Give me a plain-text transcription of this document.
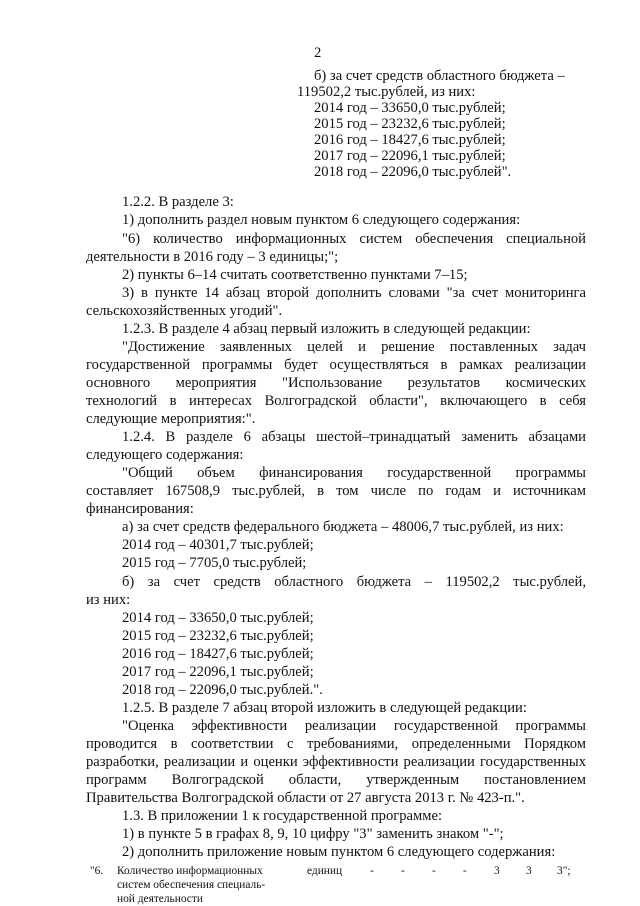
2
б) за счет средств областного бюджета –
119502,2 тыс.рублей, из них:
2014 год – 33650,0 тыс.рублей;
2015 год – 23232,6 тыс.рублей;
2016 год – 18427,6 тыс.рублей;
2017 год – 22096,1 тыс.рублей;
2018 год – 22096,0 тыс.рублей".
1.2.2. В разделе 3:
1) дополнить раздел новым пунктом 6 следующего содержания:
"6) количество информационных систем обеспечения специальной
деятельности в 2016 году – 3 единицы;";
2) пункты 6–14 считать соответственно пунктами 7–15;
3) в пункте 14 абзац второй дополнить словами "за счет мониторинга
сельскохозяйственных угодий".
1.2.3. В разделе 4 абзац первый изложить в следующей редакции:
"Достижение заявленных целей и решение поставленных задач
государственной программы будет осуществляться в рамках реализации
основного мероприятия "Использование результатов космических
технологий в интересах Волгоградской области", включающего в себя
следующие мероприятия:".
1.2.4. В разделе 6 абзацы шестой–тринадцатый заменить абзацами
следующего содержания:
"Общий объем финансирования государственной программы
составляет 167508,9 тыс.рублей, в том числе по годам и источникам
финансирования:
а) за счет средств федерального бюджета – 48006,7 тыс.рублей, из них:
2014 год – 40301,7 тыс.рублей;
2015 год – 7705,0 тыс.рублей;
б) за счет средств областного бюджета – 119502,2 тыс.рублей,
из них:
2014 год – 33650,0 тыс.рублей;
2015 год – 23232,6 тыс.рублей;
2016 год – 18427,6 тыс.рублей;
2017 год – 22096,1 тыс.рублей;
2018 год – 22096,0 тыс.рублей.".
1.2.5. В разделе 7 абзац второй изложить в следующей редакции:
"Оценка эффективности реализации государственной программы
проводится в соответствии с требованиями, определенными Порядком
разработки, реализации и оценки эффективности реализации государственных
программ Волгоградской области, утвержденным постановлением
Правительства Волгоградской области от 27 августа 2013 г. № 423-п.".
1.3. В приложении 1 к государственной программе:
1) в пункте 5 в графах 8, 9, 10 цифру "3" заменить знаком "-";
2) дополнить приложение новым пунктом 6 следующего содержания:
"6. Количество информационных
систем обеспечения специаль-
ной деятельности
единиц - - - - 3 3 3";
